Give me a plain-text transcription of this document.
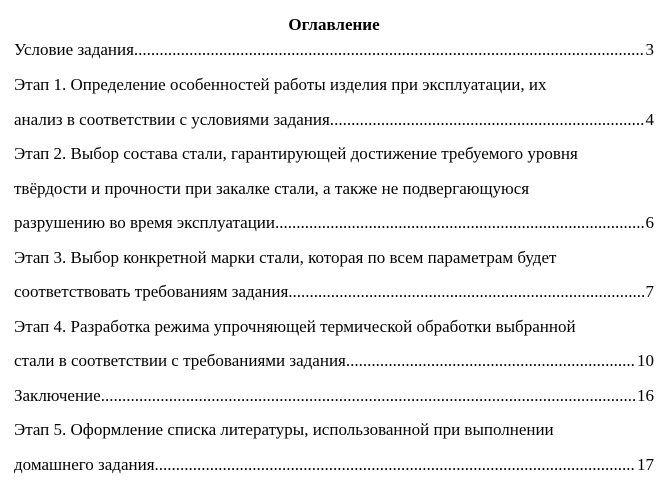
Оглавление
Условие задания .....	3
Этап 1. Определение особенностей работы изделия при эксплуатации, их
анализ в соответствии с условиями задания. .....	4
Этап 2. Выбор состава стали, гарантирующей достижение требуемого уровня
твёрдости и прочности при закалке стали, а также не подвергающуюся
разрушению во время эксплуатации .....	6
Этап 3. Выбор конкретной марки стали, которая по всем параметрам будет
соответствовать требованиям задания .....	7
Этап 4. Разработка режима упрочняющей термической обработки выбранной
стали в соответствии с требованиями задания. .....	10
Заключение. .....	16
Этап 5. Оформление списка литературы, использованной при выполнении
домашнего задания. .....	17
